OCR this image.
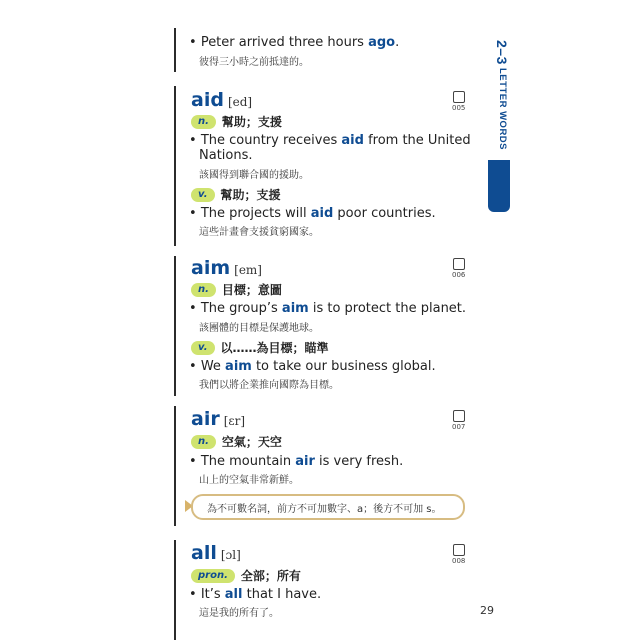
2–3 LETTER WORDS
• Peter arrived three hours ago.
彼得三小時之前抵達的。
aid [ed]	005
n.	幫助；支援
• The country receives aid from the United
Nations.
該國得到聯合國的援助。
v.	幫助；支援
• The projects will aid poor countries.
這些計畫會支援貧窮國家。
aim [em]	006
n.	目標；意圖
• The group’s aim is to protect the planet.
該團體的目標是保護地球。
v.	以……為目標；瞄準
• We aim to take our business global.
我們以將企業推向國際為目標。
air [ɛr]	007
n.	空氣；天空
• The mountain air is very fresh.
山上的空氣非常新鮮。
為不可數名詞，前方不可加數字、a；後方不可加 s。
all [ɔl]	008
pron.	全部；所有
• It’s all that I have.
這是我的所有了。	29
